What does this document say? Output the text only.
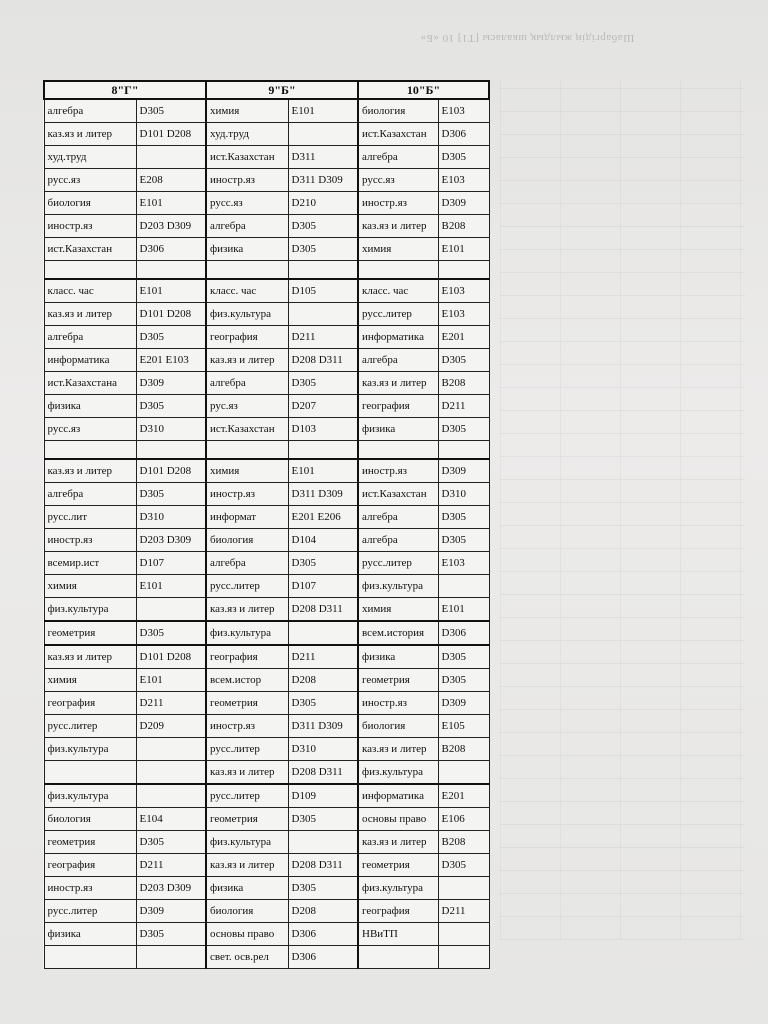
Шабаргідің жылдық шкаласы [Т1] 10 «Б»
8"Г"		9"Б"		10"Б"	
алгебра	D305	химия	E101	биология	E103
каз.яз и литер	D101 D208	худ.труд		ист.Казахстан	D306
худ.труд		ист.Казахстан	D311	алгебра	D305
русс.яз	E208	иностр.яз	D311 D309	русс.яз	E103
биология	E101	русс.яз	D210	иностр.яз	D309
иностр.яз	D203 D309	алгебра	D305	каз.яз и литер	B208
ист.Казахстан	D306	физика	D305	химия	E101

класс. час	E101	класс. час	D105	класс. час	E103
каз.яз и литер	D101 D208	физ.культура		русс.литер	E103
алгебра	D305	география	D211	информатика	E201
информатика	E201 E103	каз.яз и литер	D208 D311	алгебра	D305
ист.Казахстана	D309	алгебра	D305	каз.яз и литер	B208
физика	D305	рус.яз	D207	география	D211
русс.яз	D310	ист.Казахстан	D103	физика	D305

каз.яз и литер	D101 D208	химия	E101	иностр.яз	D309
алгебра	D305	иностр.яз	D311 D309	ист.Казахстан	D310
русс.лит	D310	информат	E201 E206	алгебра	D305
иностр.яз	D203 D309	биология	D104	алгебра	D305
всемир.ист	D107	алгебра	D305	русс.литер	E103
химия	E101	русс.литер	D107	физ.культура	
физ.культура		каз.яз и литер	D208 D311	химия	E101
геометрия	D305	физ.культура		всем.история	D306
каз.яз и литер	D101 D208	география	D211	физика	D305
химия	E101	всем.истор	D208	геометрия	D305
география	D211	геометрия	D305	иностр.яз	D309
русс.литер	D209	иностр.яз	D311 D309	биология	E105
физ.культура		русс.литер	D310	каз.яз и литер	B208
		каз.яз и литер	D208 D311	физ.культура	
физ.культура		русс.литер	D109	информатика	E201
биология	E104	геометрия	D305	основы право	E106
геометрия	D305	физ.культура		каз.яз и литер	B208
география	D211	каз.яз и литер	D208 D311	геометрия	D305
иностр.яз	D203 D309	физика	D305	физ.культура	
русс.литер	D309	биология	D208	география	D211
физика	D305	основы право	D306	НВиТП	
		свет. осв.рел	D306		
